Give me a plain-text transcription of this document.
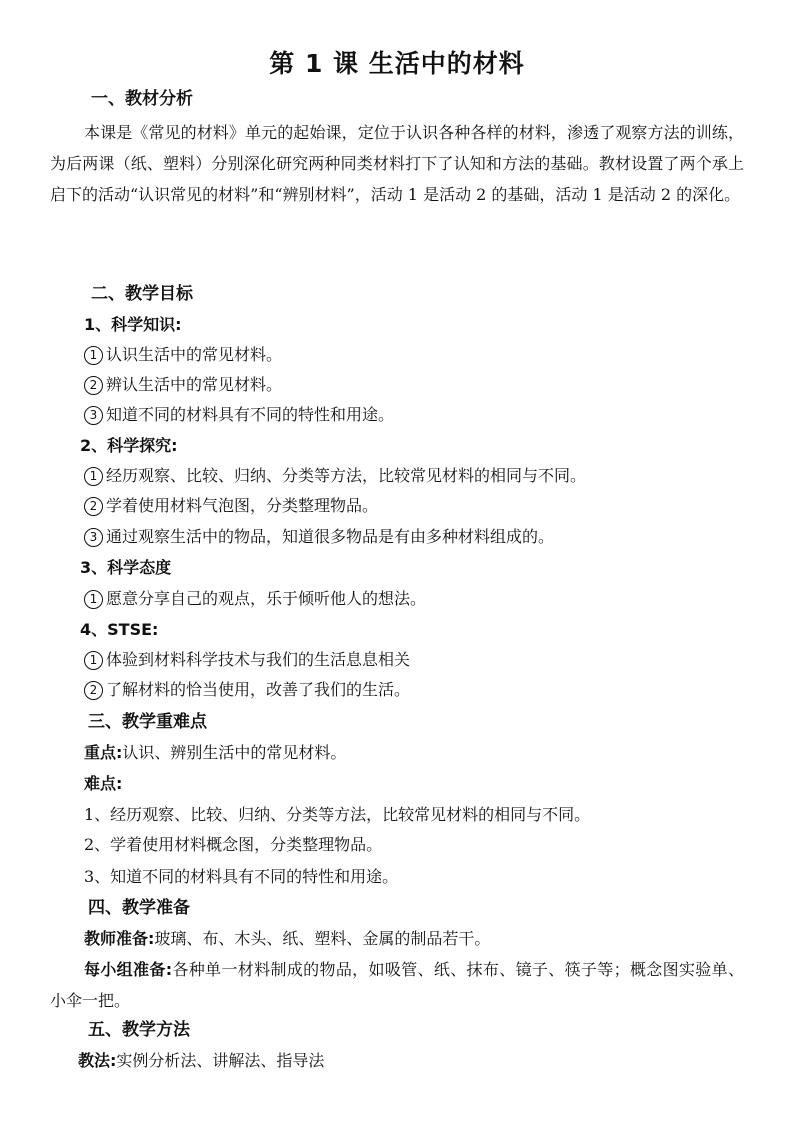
第 1 课 生活中的材料
一、教材分析
本课是《常见的材料》单元的起始课，定位于认识各种各样的材料，渗透了观察方法的训练，为后两课（纸、塑料）分别深化研究两种同类材料打下了认知和方法的基础。教材设置了两个承上启下的活动“认识常见的材料”和“辨别材料”，活动 1 是活动 2 的基础，活动 1 是活动 2 的深化。
二、教学目标
1、科学知识:
1 认识生活中的常见材料。
2 辨认生活中的常见材料。
3 知道不同的材料具有不同的特性和用途。
2、科学探究:
1 经历观察、比较、归纳、分类等方法，比较常见材料的相同与不同。
2 学着使用材料气泡图，分类整理物品。
3 通过观察生活中的物品，知道很多物品是有由多种材料组成的。
3、科学态度
1 愿意分享自己的观点，乐于倾听他人的想法。
4、STSE:
1 体验到材料科学技术与我们的生活息息相关
2 了解材料的恰当使用，改善了我们的生活。
三、教学重难点
重点:认识、辨别生活中的常见材料。
难点:
1、经历观察、比较、归纳、分类等方法，比较常见材料的相同与不同。
2、学着使用材料概念图，分类整理物品。
3、知道不同的材料具有不同的特性和用途。
四、教学准备
教师准备:玻璃、布、木头、纸、塑料、金属的制品若干。
每小组准备:各种单一材料制成的物品，如吸管、纸、抹布、镜子、筷子等；概念图实验单、小伞一把。
五、教学方法
教法:实例分析法、讲解法、指导法
